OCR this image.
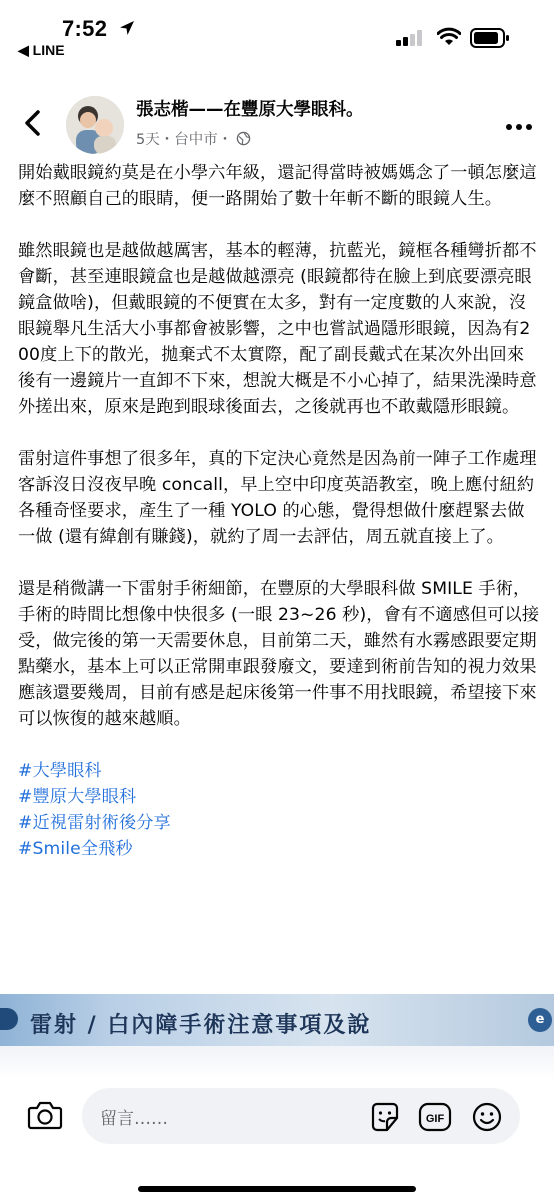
7:52
◀ LINE
張志楷——在豐原大學眼科。
5天・台中市・

開始戴眼鏡約莫是在小學六年級，還記得當時被媽媽念了一頓怎麼這麼不照顧自己的眼睛，便一路開始了數十年斬不斷的眼鏡人生。

雖然眼鏡也是越做越厲害，基本的輕薄，抗藍光，鏡框各種彎折都不會斷，甚至連眼鏡盒也是越做越漂亮 (眼鏡都待在臉上到底要漂亮眼鏡盒做啥)，但戴眼鏡的不便實在太多，對有一定度數的人來說，沒眼鏡舉凡生活大小事都會被影響，之中也嘗試過隱形眼鏡，因為有200度上下的散光，拋棄式不太實際，配了副長戴式在某次外出回來後有一邊鏡片一直卸不下來，想說大概是不小心掉了，結果洗澡時意外搓出來，原來是跑到眼球後面去，之後就再也不敢戴隱形眼鏡。

雷射這件事想了很多年，真的下定決心竟然是因為前一陣子工作處理客訴沒日沒夜早晚 concall，早上空中印度英語教室，晚上應付紐約各種奇怪要求，產生了一種 YOLO 的心態，覺得想做什麼趕緊去做一做 (還有緯創有賺錢)，就約了周一去評估，周五就直接上了。

還是稍微講一下雷射手術細節，在豐原的大學眼科做 SMILE 手術，手術的時間比想像中快很多 (一眼 23~26 秒)，會有不適感但可以接受，做完後的第一天需要休息，目前第二天，雖然有水霧感跟要定期點藥水，基本上可以正常開車跟發廢文，要達到術前告知的視力效果應該還要幾周，目前有感是起床後第一件事不用找眼鏡，希望接下來可以恢復的越來越順。

#大學眼科
#豐原大學眼科
#近視雷射術後分享
#Smile全飛秒
雷射 / 白內障手術注意事項及說	e
留言……	GIF
